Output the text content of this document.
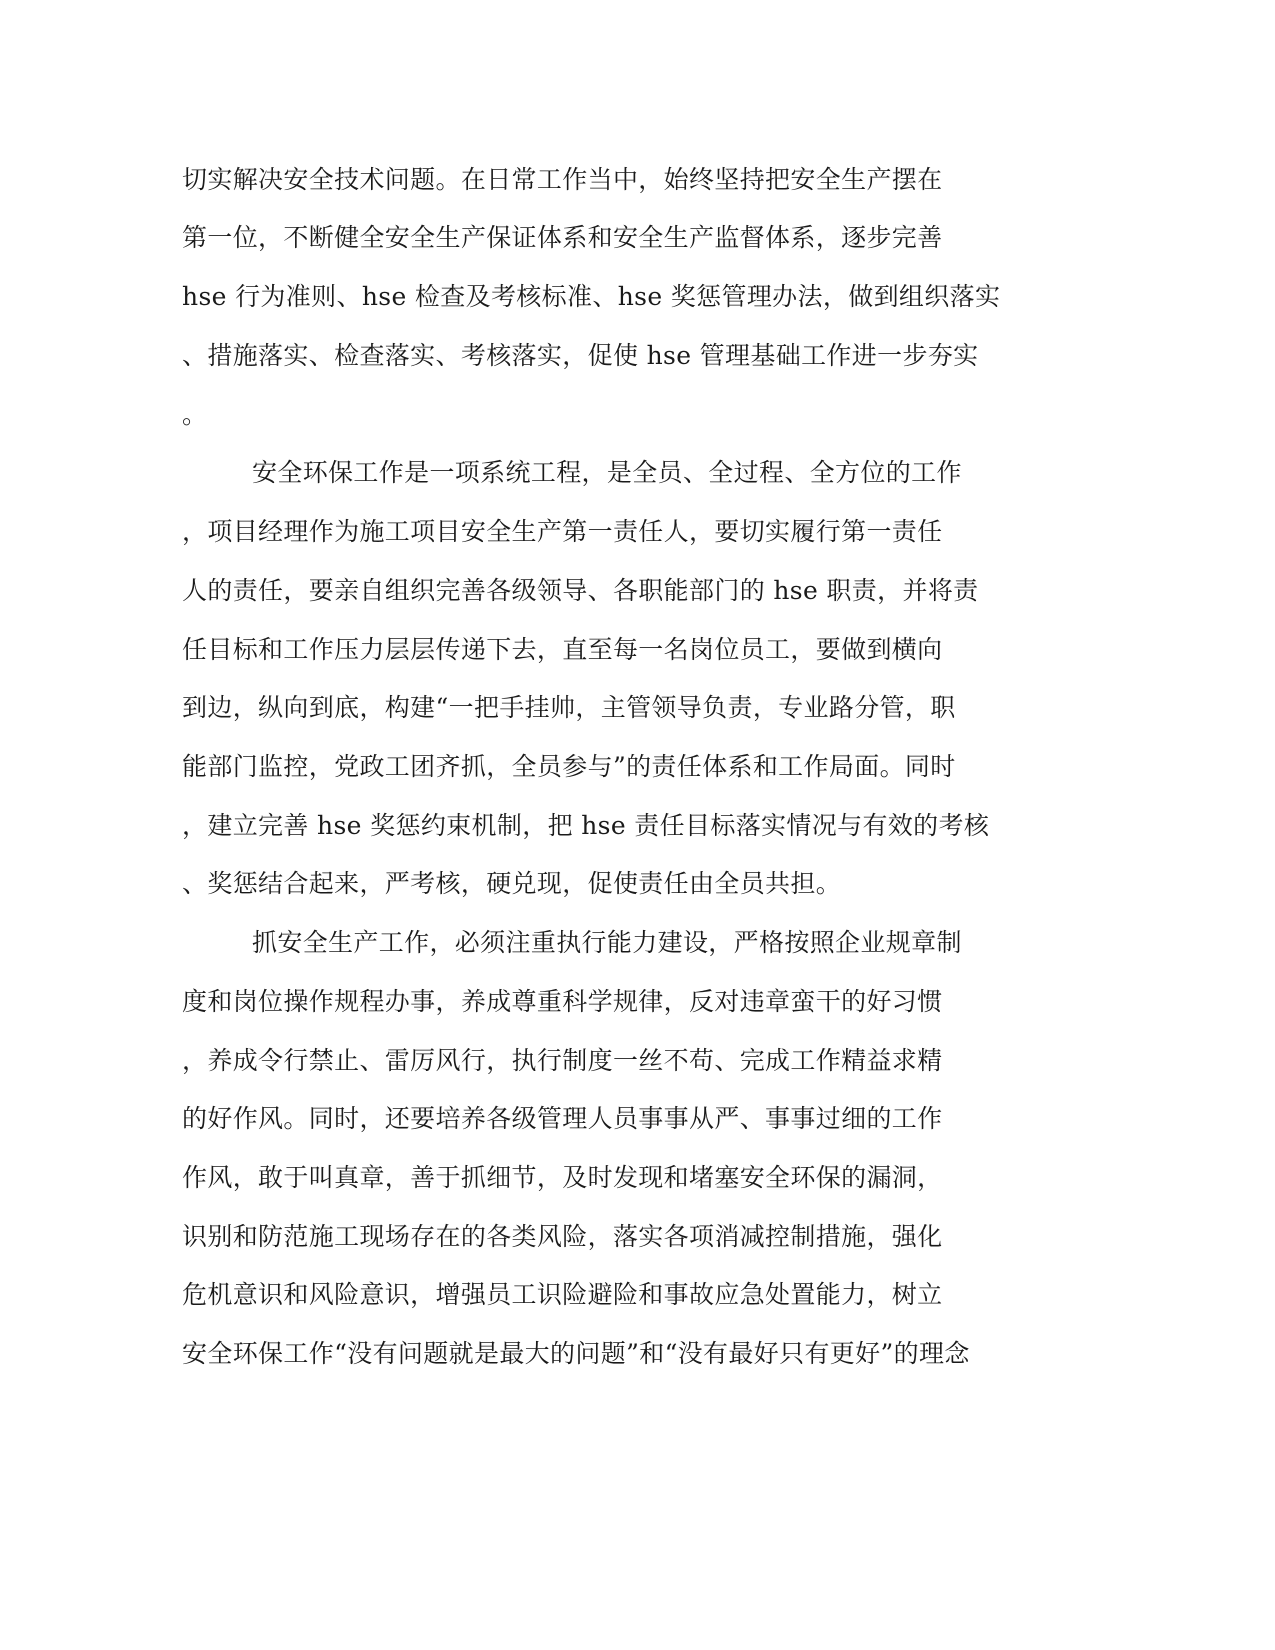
切实解决安全技术问题。在日常工作当中，始终坚持把安全生产摆在
第一位，不断健全安全生产保证体系和安全生产监督体系，逐步完善
hse 行为准则、hse 检查及考核标准、hse 奖惩管理办法，做到组织落实
、措施落实、检查落实、考核落实，促使 hse 管理基础工作进一步夯实
。
安全环保工作是一项系统工程，是全员、全过程、全方位的工作
，项目经理作为施工项目安全生产第一责任人，要切实履行第一责任
人的责任，要亲自组织完善各级领导、各职能部门的 hse 职责，并将责
任目标和工作压力层层传递下去，直至每一名岗位员工，要做到横向
到边，纵向到底，构建“一把手挂帅，主管领导负责，专业路分管，职
能部门监控，党政工团齐抓，全员参与”的责任体系和工作局面。同时
，建立完善 hse 奖惩约束机制，把 hse 责任目标落实情况与有效的考核
、奖惩结合起来，严考核，硬兑现，促使责任由全员共担。
抓安全生产工作，必须注重执行能力建设，严格按照企业规章制
度和岗位操作规程办事，养成尊重科学规律，反对违章蛮干的好习惯
，养成令行禁止、雷厉风行，执行制度一丝不苟、完成工作精益求精
的好作风。同时，还要培养各级管理人员事事从严、事事过细的工作
作风，敢于叫真章，善于抓细节，及时发现和堵塞安全环保的漏洞，
识别和防范施工现场存在的各类风险，落实各项消减控制措施，强化
危机意识和风险意识，增强员工识险避险和事故应急处置能力，树立
安全环保工作“没有问题就是最大的问题”和“没有最好只有更好”的理念
